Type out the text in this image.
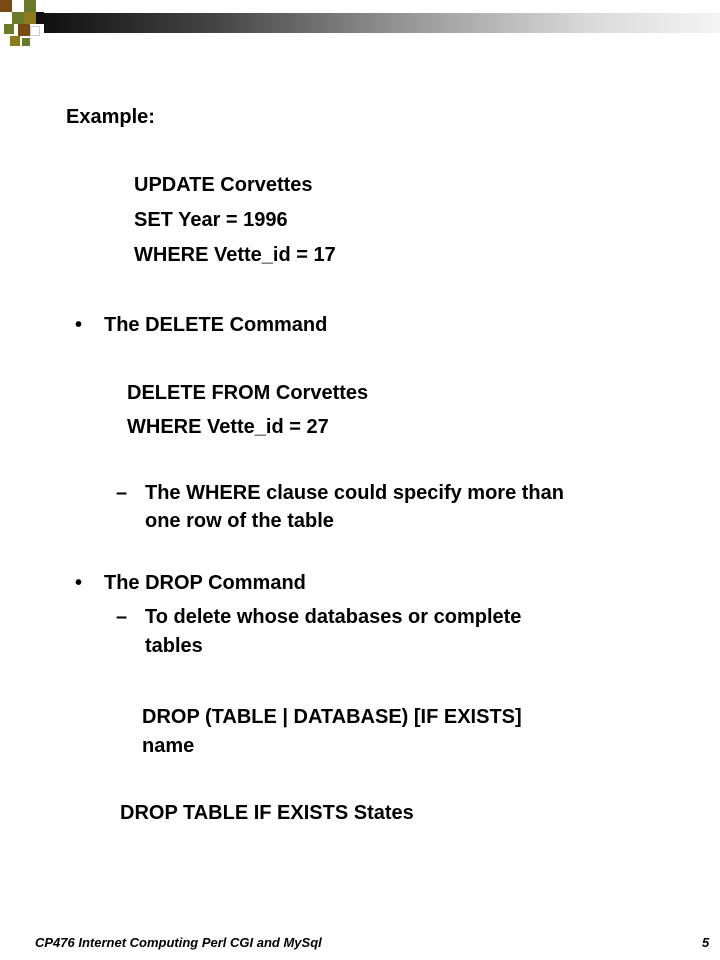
Example:
UPDATE Corvettes
SET Year = 1996
WHERE Vette_id = 17
• The DELETE Command
DELETE FROM Corvettes
WHERE Vette_id = 27
– The WHERE clause could specify more than
one row of the table
• The DROP Command
– To delete whose databases or complete
tables
DROP (TABLE | DATABASE) [IF EXISTS]
name
DROP TABLE IF EXISTS States
CP476 Internet Computing Perl CGI and MySql	5
